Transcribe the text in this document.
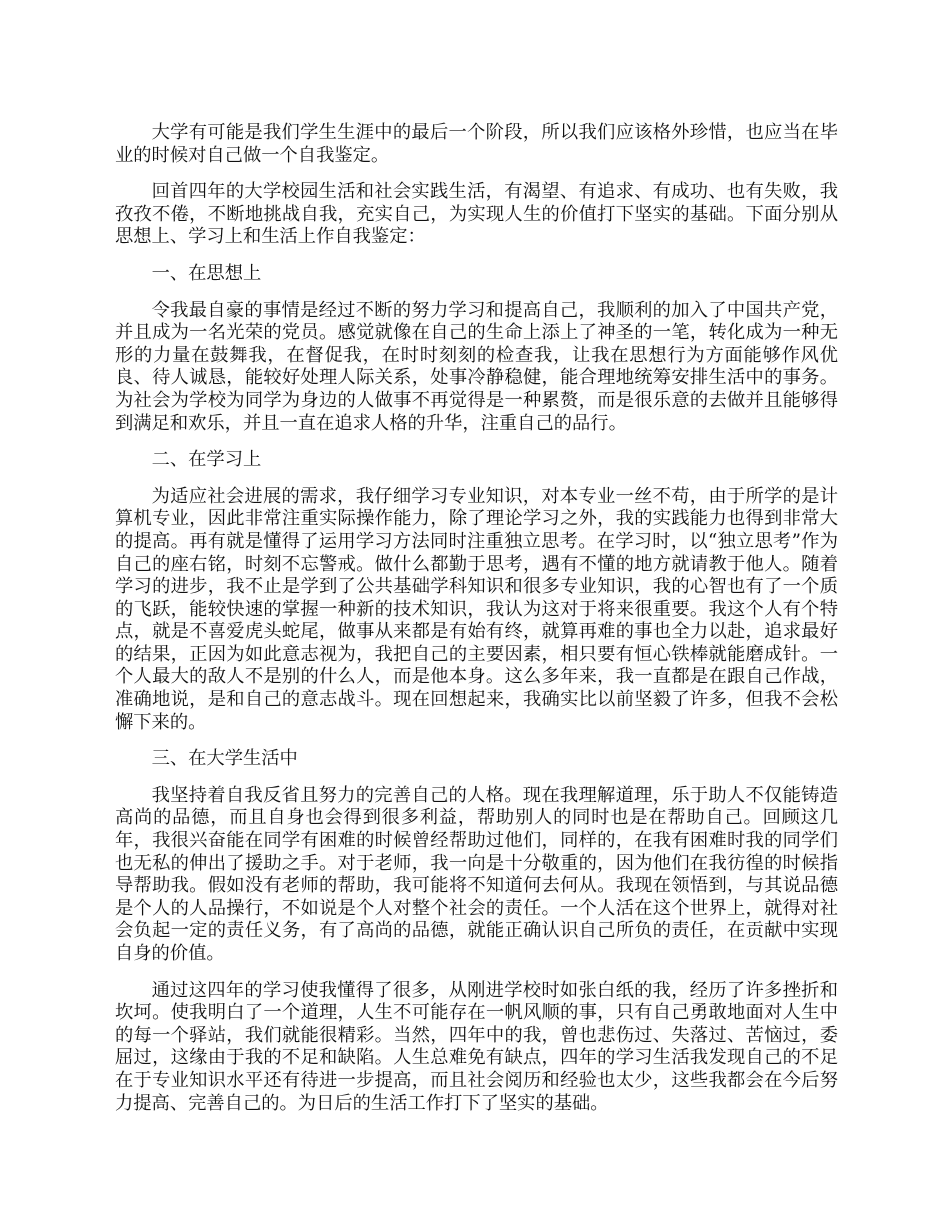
大学有可能是我们学生生涯中的最后一个阶段，所以我们应该格外珍惜，也应当在毕业的时候对自己做一个自我鉴定。

回首四年的大学校园生活和社会实践生活，有渴望、有追求、有成功、也有失败，我孜孜不倦，不断地挑战自我，充实自己，为实现人生的价值打下坚实的基础。下面分别从思想上、学习上和生活上作自我鉴定：

一、在思想上

令我最自豪的事情是经过不断的努力学习和提高自己，我顺利的加入了中国共产党，并且成为一名光荣的党员。感觉就像在自己的生命上添上了神圣的一笔，转化成为一种无形的力量在鼓舞我，在督促我，在时时刻刻的检查我，让我在思想行为方面能够作风优良、待人诚恳，能较好处理人际关系，处事冷静稳健，能合理地统筹安排生活中的事务。为社会为学校为同学为身边的人做事不再觉得是一种累赘，而是很乐意的去做并且能够得到满足和欢乐，并且一直在追求人格的升华，注重自己的品行。

二、在学习上

为适应社会进展的需求，我仔细学习专业知识，对本专业一丝不苟，由于所学的是计算机专业，因此非常注重实际操作能力，除了理论学习之外，我的实践能力也得到非常大的提高。再有就是懂得了运用学习方法同时注重独立思考。在学习时，以“独立思考”作为自己的座右铭，时刻不忘警戒。做什么都勤于思考，遇有不懂的地方就请教于他人。随着学习的进步，我不止是学到了公共基础学科知识和很多专业知识，我的心智也有了一个质的飞跃，能较快速的掌握一种新的技术知识，我认为这对于将来很重要。我这个人有个特点，就是不喜爱虎头蛇尾，做事从来都是有始有终，就算再难的事也全力以赴，追求最好的结果，正因为如此意志视为，我把自己的主要因素，相只要有恒心铁棒就能磨成针。一个人最大的敌人不是别的什么人，而是他本身。这么多年来，我一直都是在跟自己作战，准确地说，是和自己的意志战斗。现在回想起来，我确实比以前坚毅了许多，但我不会松懈下来的。

三、在大学生活中

我坚持着自我反省且努力的完善自己的人格。现在我理解道理，乐于助人不仅能铸造高尚的品德，而且自身也会得到很多利益，帮助别人的同时也是在帮助自己。回顾这几年，我很兴奋能在同学有困难的时候曾经帮助过他们，同样的，在我有困难时我的同学们也无私的伸出了援助之手。对于老师，我一向是十分敬重的，因为他们在我彷徨的时候指导帮助我。假如没有老师的帮助，我可能将不知道何去何从。我现在领悟到，与其说品德是个人的人品操行，不如说是个人对整个社会的责任。一个人活在这个世界上，就得对社会负起一定的责任义务，有了高尚的品德，就能正确认识自己所负的责任，在贡献中实现自身的价值。

通过这四年的学习使我懂得了很多，从刚进学校时如张白纸的我，经历了许多挫折和坎坷。使我明白了一个道理，人生不可能存在一帆风顺的事，只有自己勇敢地面对人生中的每一个驿站，我们就能很精彩。当然，四年中的我，曾也悲伤过、失落过、苦恼过，委屈过，这缘由于我的不足和缺陷。人生总难免有缺点，四年的学习生活我发现自己的不足在于专业知识水平还有待进一步提高，而且社会阅历和经验也太少，这些我都会在今后努力提高、完善自己的。为日后的生活工作打下了坚实的基础。
